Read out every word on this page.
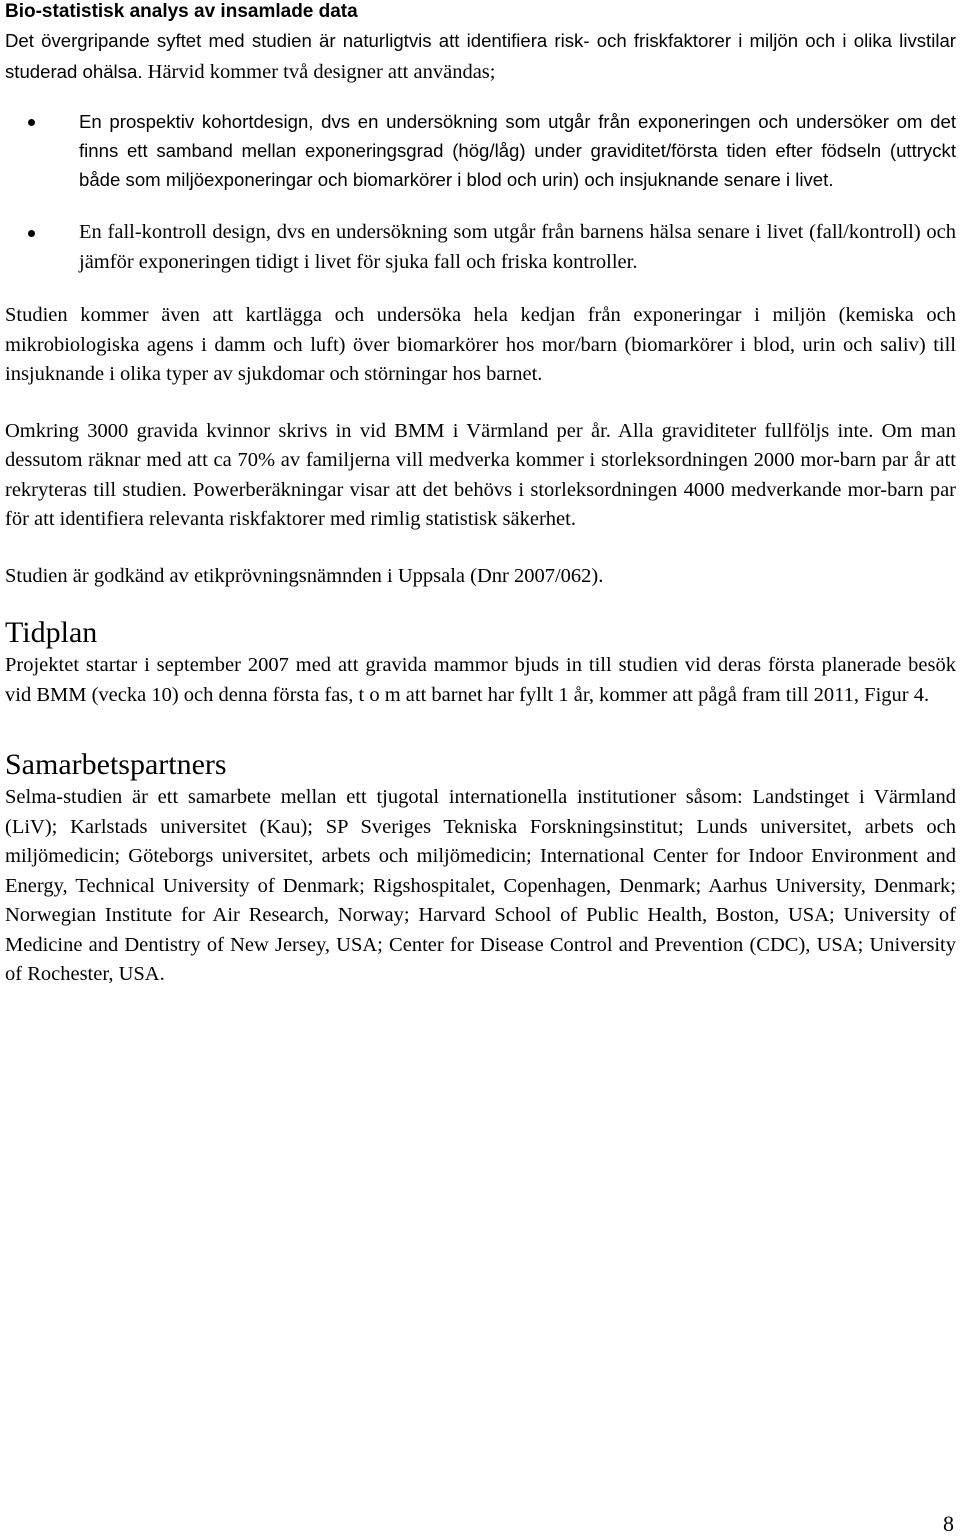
Bio-statistisk analys av insamlade data

Det övergripande syftet med studien är naturligtvis att identifiera risk- och friskfaktorer i miljön och i olika livstilar studerad ohälsa. Härvid kommer två designer att användas;

En prospektiv kohortdesign, dvs en undersökning som utgår från exponeringen och undersöker om det finns ett samband mellan exponeringsgrad (hög/låg) under graviditet/första tiden efter födseln (uttryckt både som miljöexponeringar och biomarkörer i blod och urin) och insjuknande senare i livet.
En fall-kontroll design, dvs en undersökning som utgår från barnens hälsa senare i livet (fall/kontroll) och jämför exponeringen tidigt i livet för sjuka fall och friska kontroller.

Studien kommer även att kartlägga och undersöka hela kedjan från exponeringar i miljön (kemiska och mikrobiologiska agens i damm och luft) över biomarkörer hos mor/barn (biomarkörer i blod, urin och saliv) till insjuknande i olika typer av sjukdomar och störningar hos barnet.

Omkring 3000 gravida kvinnor skrivs in vid BMM i Värmland per år. Alla graviditeter fullföljs inte. Om man dessutom räknar med att ca 70% av familjerna vill medverka kommer i storleksordningen 2000 mor-barn par år att rekryteras till studien. Powerberäkningar visar att det behövs i storleksordningen 4000 medverkande mor-barn par för att identifiera relevanta riskfaktorer med rimlig statistisk säkerhet.

Studien är godkänd av etikprövningsnämnden i Uppsala (Dnr 2007/062).

Tidplan

Projektet startar i september 2007 med att gravida mammor bjuds in till studien vid deras första planerade besök vid BMM (vecka 10) och denna första fas, t o m att barnet har fyllt 1 år, kommer att pågå fram till 2011, Figur 4.

Samarbetspartners

Selma-studien är ett samarbete mellan ett tjugotal internationella institutioner såsom: Landstinget i Värmland (LiV); Karlstads universitet (Kau); SP Sveriges Tekniska Forskningsinstitut; Lunds universitet, arbets och miljömedicin; Göteborgs universitet, arbets och miljömedicin; International Center for Indoor Environment and Energy, Technical University of Denmark; Rigshospitalet, Copenhagen, Denmark; Aarhus University, Denmark; Norwegian Institute for Air Research, Norway; Harvard School of Public Health, Boston, USA; University of Medicine and Dentistry of New Jersey, USA; Center for Disease Control and Prevention (CDC), USA; University of Rochester, USA.

8
